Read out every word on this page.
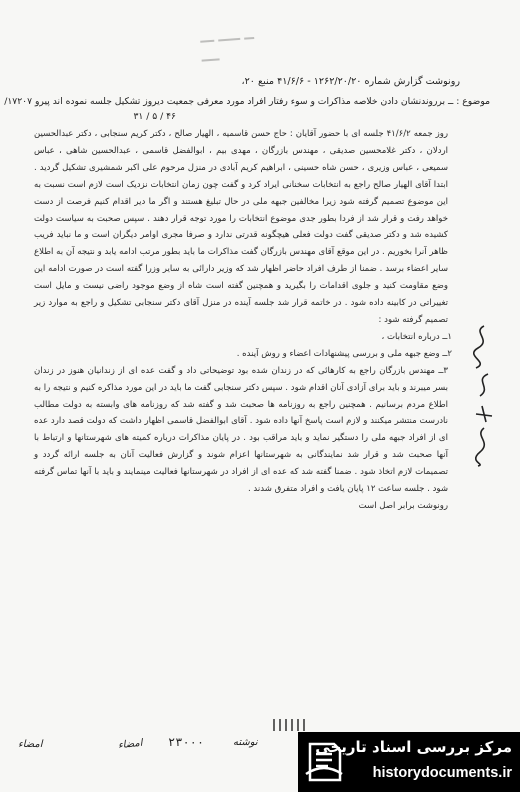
رونوشت گزارش شماره ۱۲۶۲/۲۰/۲۰ - ۴۱/۶/۶ منبع ۲۰،
موضوع : ــ برروندنشان دادن خلاصه مذاکرات و سوء رفتار افراد مورد معرفی جمعیت دیروز تشکیل جلسه نموده اند پیرو ۱۷۲۰۷/
۴۶ / ۵ / ۳۱

روز جمعه ۴۱/۶/۲ جلسه ای با حضور آقایان : حاج حسن قاسمیه ، الهیار صالح ، دکتر کریم سنجابی ، دکتر عبدالحسین اردلان ، دکتر غلامحسین صدیقی ، مهندس بازرگان ، مهدی بیم ، ابوالفضل قاسمی ، عبدالحسین شاهی ، عباس سمیعی ، عباس وزیری ، حسن شاه حسینی ، ابراهیم کریم آبادی در منزل مرحوم علی اکبر شمشیری تشکیل گردید . ابتدا آقای الهیار صالح راجع به انتخابات سخنانی ایراد کرد و گفت چون زمان انتخابات نزدیک است لازم است نسبت به این موضوع تصمیم گرفته شود زیرا مخالفین جبهه ملی در حال تبلیغ هستند و اگر ما دیر اقدام کنیم فرصت از دست خواهد رفت و قرار شد از فردا بطور جدی موضوع انتخابات را مورد توجه قرار دهند . سپس صحبت به سیاست دولت کشیده شد و دکتر صدیقی گفت دولت فعلی هیچگونه قدرتی ندارد و صرفا مجری اوامر دیگران است و ما نباید فریب ظاهر آنرا بخوریم . در این موقع آقای مهندس بازرگان گفت مذاکرات ما باید بطور مرتب ادامه یابد و نتیجه آن به اطلاع سایر اعضاء برسد . ضمنا از طرف افراد حاضر اظهار شد که وزیر دارائی به سایر وزرا گفته است در صورت ادامه این وضع مقاومت کنید و جلوی اقدامات را بگیرید و همچنین گفته است شاه از وضع موجود راضی نیست و مایل است تغییراتی در کابینه داده شود . در خاتمه قرار شد جلسه آینده در منزل آقای دکتر سنجابی تشکیل و راجع به موارد زیر تصمیم گرفته شود :

۱ــ درباره انتخابات ،

۲ــ وضع جبهه ملی و بررسی پیشنهادات اعضاء و روش آینده .

۳ــ مهندس بازرگان راجع به کارهائی که در زندان شده بود توضیحاتی داد و گفت عده ای از زندانیان هنوز در زندان بسر میبرند و باید برای آزادی آنان اقدام شود . سپس دکتر سنجابی گفت ما باید در این مورد مذاکره کنیم و نتیجه را به اطلاع مردم برسانیم . همچنین راجع به روزنامه ها صحبت شد و گفته شد که روزنامه های وابسته به دولت مطالب نادرست منتشر میکنند و لازم است پاسخ آنها داده شود . آقای ابوالفضل قاسمی اظهار داشت که دولت قصد دارد عده ای از افراد جبهه ملی را دستگیر نماید و باید مراقب بود . در پایان مذاکرات درباره کمیته های شهرستانها و ارتباط با آنها صحبت شد و قرار شد نمایندگانی به شهرستانها اعزام شوند و گزارش فعالیت آنان به جلسه ارائه گردد و تصمیمات لازم اتخاذ شود . ضمنا گفته شد که عده ای از افراد در شهرستانها فعالیت مینمایند و باید با آنها تماس گرفته شود . جلسه ساعت ۱۲ پایان یافت و افراد متفرق شدند .

رونوشت برابر اصل است

امضاء	امضاء ۲۳۰۰۰	نوشته	مرکز بررسی اسناد تاریخی
historydocuments.ir
